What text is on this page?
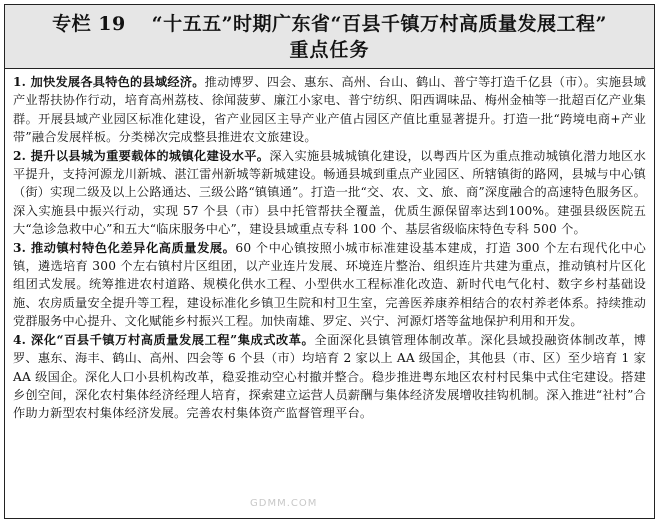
专栏 19 “十五五”时期广东省“百县千镇万村高质量发展工程”
重点任务

1. 加快发展各具特色的县域经济。推动博罗、四会、惠东、高州、台山、鹤山、普宁等打造千亿县（市）。实施县域产业帮扶协作行动，培育高州荔枝、徐闻菠萝、廉江小家电、普宁纺织、阳西调味品、梅州金柚等一批超百亿产业集群。开展县域产业园区标准化建设，省产业园区主导产业产值占园区产值比重显著提升。打造一批“跨境电商+产业带”融合发展样板。分类梯次完成整县推进农文旅建设。

2. 提升以县城为重要载体的城镇化建设水平。深入实施县城城镇化建设，以粤西片区为重点推动城镇化潜力地区水平提升，支持河源龙川新城、湛江雷州新城等新城建设。畅通县城到重点产业园区、所辖镇街的路网，县城与中心镇（街）实现二级及以上公路通达、三级公路“镇镇通”。打造一批“交、农、文、旅、商”深度融合的高速特色服务区。深入实施县中振兴行动，实现 57 个县（市）县中托管帮扶全覆盖，优质生源保留率达到100%。建强县级医院五大“急诊急救中心”和五大“临床服务中心”，建设县域重点专科 100 个、基层省级临床特色专科 500 个。

3. 推动镇村特色化差异化高质量发展。60 个中心镇按照小城市标准建设基本建成，打造 300 个左右现代化中心镇，遴选培育 300 个左右镇村片区组团，以产业连片发展、环境连片整治、组织连片共建为重点，推动镇村片区化组团式发展。统筹推进农村道路、规模化供水工程、小型供水工程标准化改造、新时代电气化村、数字乡村基础设施、农房质量安全提升等工程，建设标准化乡镇卫生院和村卫生室，完善医养康养相结合的农村养老体系。持续推动党群服务中心提升、文化赋能乡村振兴工程。加快南雄、罗定、兴宁、河源灯塔等盆地保护利用和开发。

4. 深化“百县千镇万村高质量发展工程”集成式改革。全面深化县镇管理体制改革。深化县域投融资体制改革，博罗、惠东、海丰、鹤山、高州、四会等 6 个县（市）均培育 2 家以上 AA 级国企，其他县（市、区）至少培育 1 家 AA 级国企。深化人口小县机构改革，稳妥推动空心村撤并整合。稳步推进粤东地区农村村民集中式住宅建设。搭建乡创空间，深化农村集体经济经理人培育，探索建立运营人员薪酬与集体经济发展增收挂钩机制。深入推进“社村”合作助力新型农村集体经济发展。完善农村集体资产监督管理平台。

GDMM.COM
